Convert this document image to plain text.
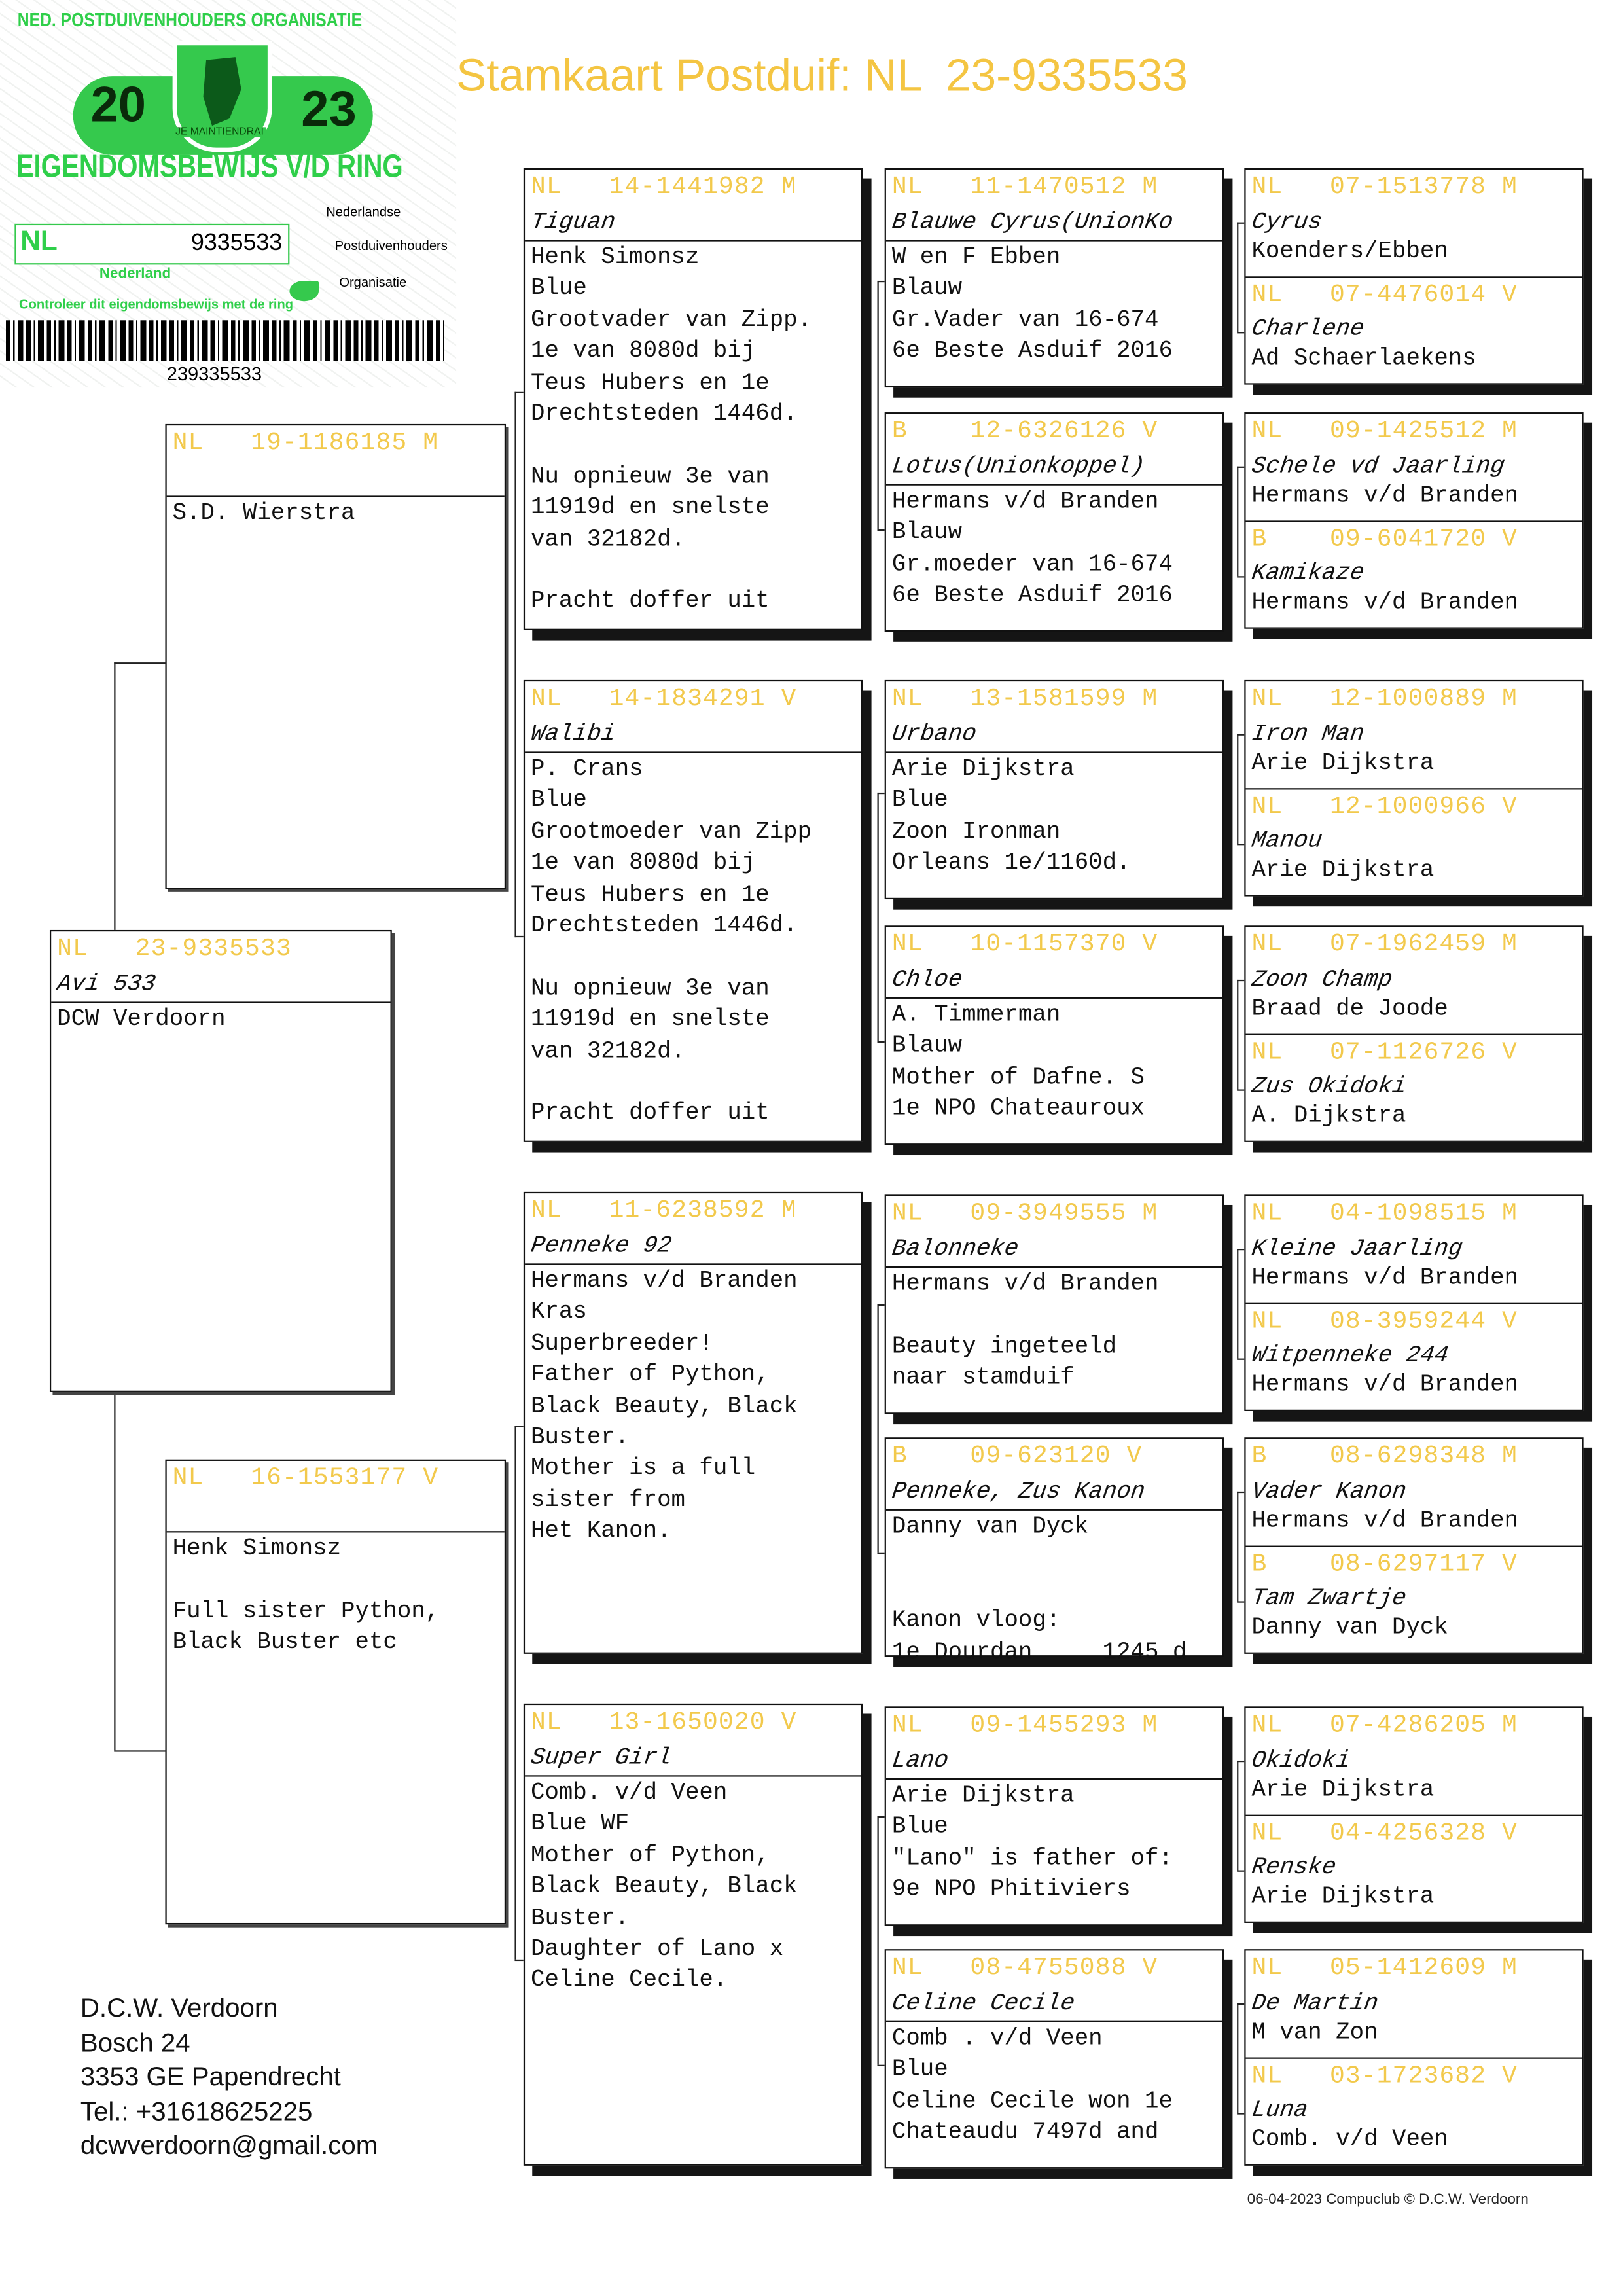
NED. POSTDUIVENHOUDERS ORGANISATIE
20	23
JE MAINTIENDRAI
EIGENDOMSBEWIJS V/D RING
NL	9335533
Nederlandse
Postduivenhouders
Organisatie
Nederland
Controleer dit eigendomsbewijs met de ring
239335533
Stamkaart Postduif: NL  23-9335533
NL   23-9335533
Avi 533
DCW Verdoorn
NL   19-1186185 M
S.D. Wierstra
NL   16-1553177 V
Henk Simonsz
Full sister Python,
Black Buster etc
NL   14-1441982 M
Tiguan
Henk Simonsz
Blue
Grootvader van Zipp.
1e van 8080d bij
Teus Hubers en 1e
Drechtsteden 1446d.
Nu opnieuw 3e van
11919d en snelste
van 32182d.
Pracht doffer uit
NL   14-1834291 V
Walibi
P. Crans
Blue
Grootmoeder van Zipp
1e van 8080d bij
Teus Hubers en 1e
Drechtsteden 1446d.
Nu opnieuw 3e van
11919d en snelste
van 32182d.
Pracht doffer uit
NL   11-6238592 M
Penneke 92
Hermans v/d Branden
Kras
Superbreeder!
Father of Python,
Black Beauty, Black
Buster.
Mother is a full
sister from
Het Kanon.
NL   13-1650020 V
Super Girl
Comb. v/d Veen
Blue WF
Mother of Python,
Black Beauty, Black
Buster.
Daughter of Lano x
Celine Cecile.
NL   11-1470512 M
Blauwe Cyrus(UnionKo
W en F Ebben
Blauw
Gr.Vader van 16-674
6e Beste Asduif 2016
B    12-6326126 V
Lotus(Unionkoppel)
Hermans v/d Branden
Blauw
Gr.moeder van 16-674
6e Beste Asduif 2016
NL   13-1581599 M
Urbano
Arie Dijkstra
Blue
Zoon Ironman
Orleans 1e/1160d.
NL   10-1157370 V
Chloe
A. Timmerman
Blauw
Mother of Dafne. S
1e NPO Chateauroux
NL   09-3949555 M
Balonneke
Hermans v/d Branden
Beauty ingeteeld
naar stamduif
B    09-623120 V
Penneke, Zus Kanon
Danny van Dyck
Kanon vloog:
1e Dourdan     1245 d
NL   09-1455293 M
Lano
Arie Dijkstra
Blue
"Lano" is father of:
9e NPO Phitiviers
NL   08-4755088 V
Celine Cecile
Comb . v/d Veen
Blue
Celine Cecile won 1e
Chateaudu 7497d and
NL   07-1513778 M
Cyrus
Koenders/Ebben
NL   07-4476014 V
Charlene
Ad Schaerlaekens
NL   09-1425512 M
Schele vd Jaarling
Hermans v/d Branden
B    09-6041720 V
Kamikaze
Hermans v/d Branden
NL   12-1000889 M
Iron Man
Arie Dijkstra
NL   12-1000966 V
Manou
Arie Dijkstra
NL   07-1962459 M
Zoon Champ
Braad de Joode
NL   07-1126726 V
Zus Okidoki
A. Dijkstra
NL   04-1098515 M
Kleine Jaarling
Hermans v/d Branden
NL   08-3959244 V
Witpenneke 244
Hermans v/d Branden
B    08-6298348 M
Vader Kanon
Hermans v/d Branden
B    08-6297117 V
Tam Zwartje
Danny van Dyck
NL   07-4286205 M
Okidoki
Arie Dijkstra
NL   04-4256328 V
Renske
Arie Dijkstra
NL   05-1412609 M
De Martin
M van Zon
NL   03-1723682 V
Luna
Comb. v/d Veen
D.C.W. Verdoorn
Bosch 24
3353 GE Papendrecht
Tel.: +31618625225
dcwverdoorn@gmail.com
06-04-2023 Compuclub © D.C.W. Verdoorn
